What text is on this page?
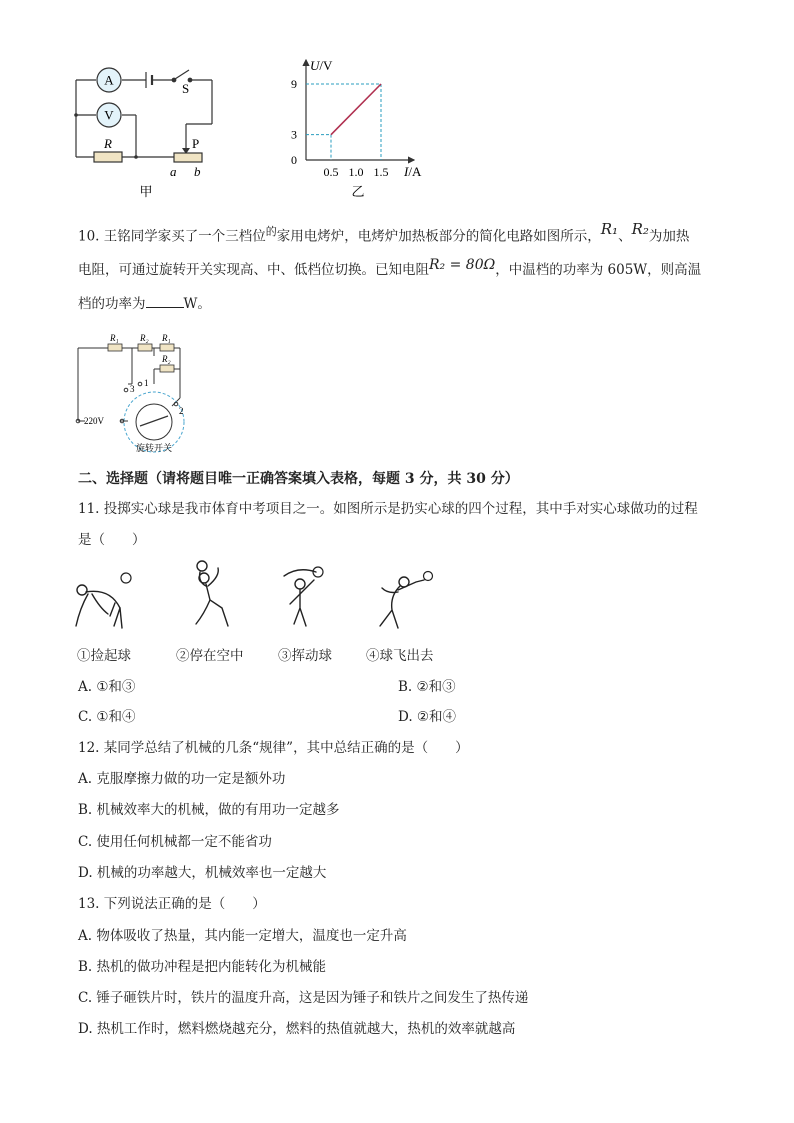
A
V
S
R	P
a b
甲
U/V
I/A
9
3
0
0.5 1.0 1.5
乙
10. 王铭同学家买了一个三档位$^的$家用电烤炉，电烤炉加热板部分的简化电路如图所示，R₁、R₂为加热
电阻，可通过旋转开关实现高、中、低档位切换。已知电阻R₂ = 80Ω，中温档的功率为 605W，则高温
档的功率为	W。
R₁ R₂ R₁
R₂
3
1
2
220V
旋转开关
二、选择题（请将题目唯一正确答案填入表格，每题 3 分，共 30 分）
11. 投掷实心球是我市体育中考项目之一。如图所示是扔实心球的四个过程，其中手对实心球做功的过程
是（　　）
①捡起球	②停在空中	③挥动球	④球飞出去
A. ①和③	B. ②和③
C. ①和④	D. ②和④
12. 某同学总结了机械的几条“规律”，其中总结正确的是（　　）
A. 克服摩擦力做的功一定是额外功
B. 机械效率大的机械，做的有用功一定越多
C. 使用任何机械都一定不能省功
D. 机械的功率越大，机械效率也一定越大
13. 下列说法正确的是（　　）
A. 物体吸收了热量，其内能一定增大，温度也一定升高
B. 热机的做功冲程是把内能转化为机械能
C. 锤子砸铁片时，铁片的温度升高，这是因为锤子和铁片之间发生了热传递
D. 热机工作时，燃料燃烧越充分，燃料的热值就越大，热机的效率就越高
